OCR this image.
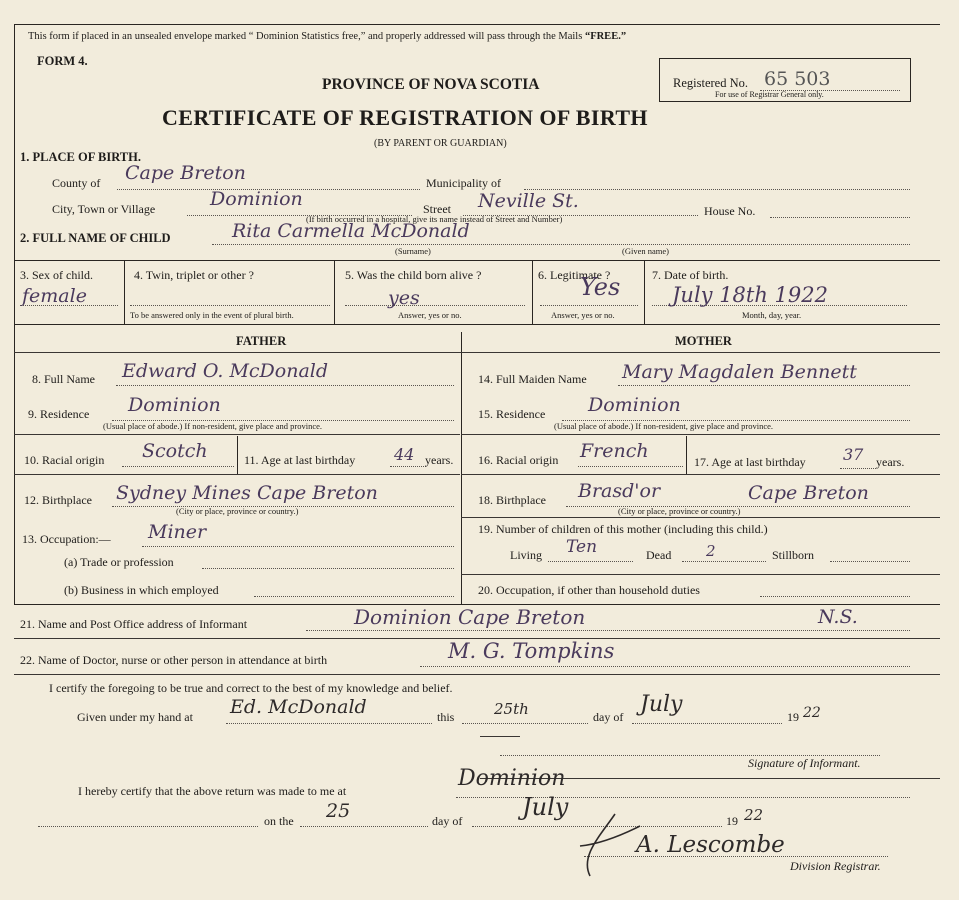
This form if placed in an unsealed envelope marked “ Dominion Statistics free,” and properly addressed will pass through the Mails “FREE.”
FORM 4.
PROVINCE OF NOVA SCOTIA
CERTIFICATE OF REGISTRATION OF BIRTH
(BY PARENT OR GUARDIAN)
Registered No. 65 503
For use of Registrar General only.
1. PLACE OF BIRTH.
County of Cape Breton	Municipality of
City, Town or Village	Dominion	Street Neville St.	House No.
(If birth occurred in a hospital, give its name instead of Street and Number)
2. FULL NAME OF CHILD	Rita Carmella McDonald
(Surname)	(Given name)
3. Sex of child.
female
4. Twin, triplet or other ?
To be answered only in the event of plural birth.
5. Was the child born alive ?
yes
Answer, yes or no.
6. Legitimate ?
Yes
Answer, yes or no.
7. Date of birth.
July 18th 1922
Month, day, year.
FATHER	MOTHER
8. Full Name Edward O. McDonald	14. Full Maiden Name Mary Magdalen Bennett
9. Residence Dominion
(Usual place of abode.) If non-resident, give place and province.
15. Residence Dominion
(Usual place of abode.) If non-resident, give place and province.
10. Racial origin Scotch	11. Age at last birthday 44 years. 16. Racial origin French	17. Age at last birthday 37 years.
12. Birthplace Sydney Mines Cape Breton
(City or place, province or country.)
18. Birthplace Brasd'or	Cape Breton
(City or place, province or country.)
13. Occupation:— Miner
(a) Trade or profession
(b) Business in which employed
19. Number of children of this mother (including this child.)
Living Ten	Dead 2	Stillborn
20. Occupation, if other than household duties
21. Name and Post Office address of Informant	Dominion Cape Breton	N.S.
22. Name of Doctor, nurse or other person in attendance at birth	M. G. Tompkins
I certify the foregoing to be true and correct to the best of my knowledge and belief.
Given under my hand at Ed. McDonald	this	25th	day of July	19 22
Signature of Informant.
I hereby certify that the above return was made to me at	Dominion
on the 25	day of July	19 22
A. Lescombe
Division Registrar.
